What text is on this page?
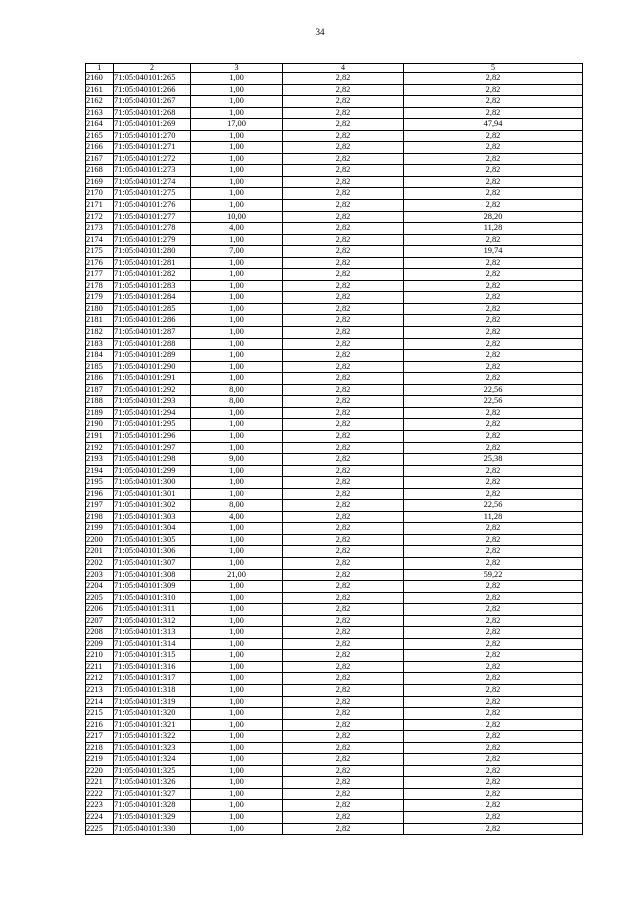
34
1	2	3	4	5
2160	71:05:040101:265	1,00	2,82	2,82
2161	71:05:040101:266	1,00	2,82	2,82
2162	71:05:040101:267	1,00	2,82	2,82
2163	71:05:040101:268	1,00	2,82	2,82
2164	71:05:040101:269	17,00	2,82	47,94
2165	71:05:040101:270	1,00	2,82	2,82
2166	71:05:040101:271	1,00	2,82	2,82
2167	71:05:040101:272	1,00	2,82	2,82
2168	71:05:040101:273	1,00	2,82	2,82
2169	71:05:040101:274	1,00	2,82	2,82
2170	71:05:040101:275	1,00	2,82	2,82
2171	71:05:040101:276	1,00	2,82	2,82
2172	71:05:040101:277	10,00	2,82	28,20
2173	71:05:040101:278	4,00	2,82	11,28
2174	71:05:040101:279	1,00	2,82	2,82
2175	71:05:040101:280	7,00	2,82	19,74
2176	71:05:040101:281	1,00	2,82	2,82
2177	71:05:040101:282	1,00	2,82	2,82
2178	71:05:040101:283	1,00	2,82	2,82
2179	71:05:040101:284	1,00	2,82	2,82
2180	71:05:040101:285	1,00	2,82	2,82
2181	71:05:040101:286	1,00	2,82	2,82
2182	71:05:040101:287	1,00	2,82	2,82
2183	71:05:040101:288	1,00	2,82	2,82
2184	71:05:040101:289	1,00	2,82	2,82
2185	71:05:040101:290	1,00	2,82	2,82
2186	71:05:040101:291	1,00	2,82	2,82
2187	71:05:040101:292	8,00	2,82	22,56
2188	71:05:040101:293	8,00	2,82	22,56
2189	71:05:040101:294	1,00	2,82	2,82
2190	71:05:040101:295	1,00	2,82	2,82
2191	71:05:040101:296	1,00	2,82	2,82
2192	71:05:040101:297	1,00	2,82	2,82
2193	71:05:040101:298	9,00	2,82	25,38
2194	71:05:040101:299	1,00	2,82	2,82
2195	71:05:040101:300	1,00	2,82	2,82
2196	71:05:040101:301	1,00	2,82	2,82
2197	71:05:040101:302	8,00	2,82	22,56
2198	71:05:040101:303	4,00	2,82	11,28
2199	71:05:040101:304	1,00	2,82	2,82
2200	71:05:040101:305	1,00	2,82	2,82
2201	71:05:040101:306	1,00	2,82	2,82
2202	71:05:040101:307	1,00	2,82	2,82
2203	71:05:040101:308	21,00	2,82	59,22
2204	71:05:040101:309	1,00	2,82	2,82
2205	71:05:040101:310	1,00	2,82	2,82
2206	71:05:040101:311	1,00	2,82	2,82
2207	71:05:040101:312	1,00	2,82	2,82
2208	71:05:040101:313	1,00	2,82	2,82
2209	71:05:040101:314	1,00	2,82	2,82
2210	71:05:040101:315	1,00	2,82	2,82
2211	71:05:040101:316	1,00	2,82	2,82
2212	71:05:040101:317	1,00	2,82	2,82
2213	71:05:040101:318	1,00	2,82	2,82
2214	71:05:040101:319	1,00	2,82	2,82
2215	71:05:040101:320	1,00	2,82	2,82
2216	71:05:040101:321	1,00	2,82	2,82
2217	71:05:040101:322	1,00	2,82	2,82
2218	71:05:040101:323	1,00	2,82	2,82
2219	71:05:040101:324	1,00	2,82	2,82
2220	71:05:040101:325	1,00	2,82	2,82
2221	71:05:040101:326	1,00	2,82	2,82
2222	71:05:040101:327	1,00	2,82	2,82
2223	71:05:040101:328	1,00	2,82	2,82
2224	71:05:040101:329	1,00	2,82	2,82
2225	71:05:040101:330	1,00	2,82	2,82
